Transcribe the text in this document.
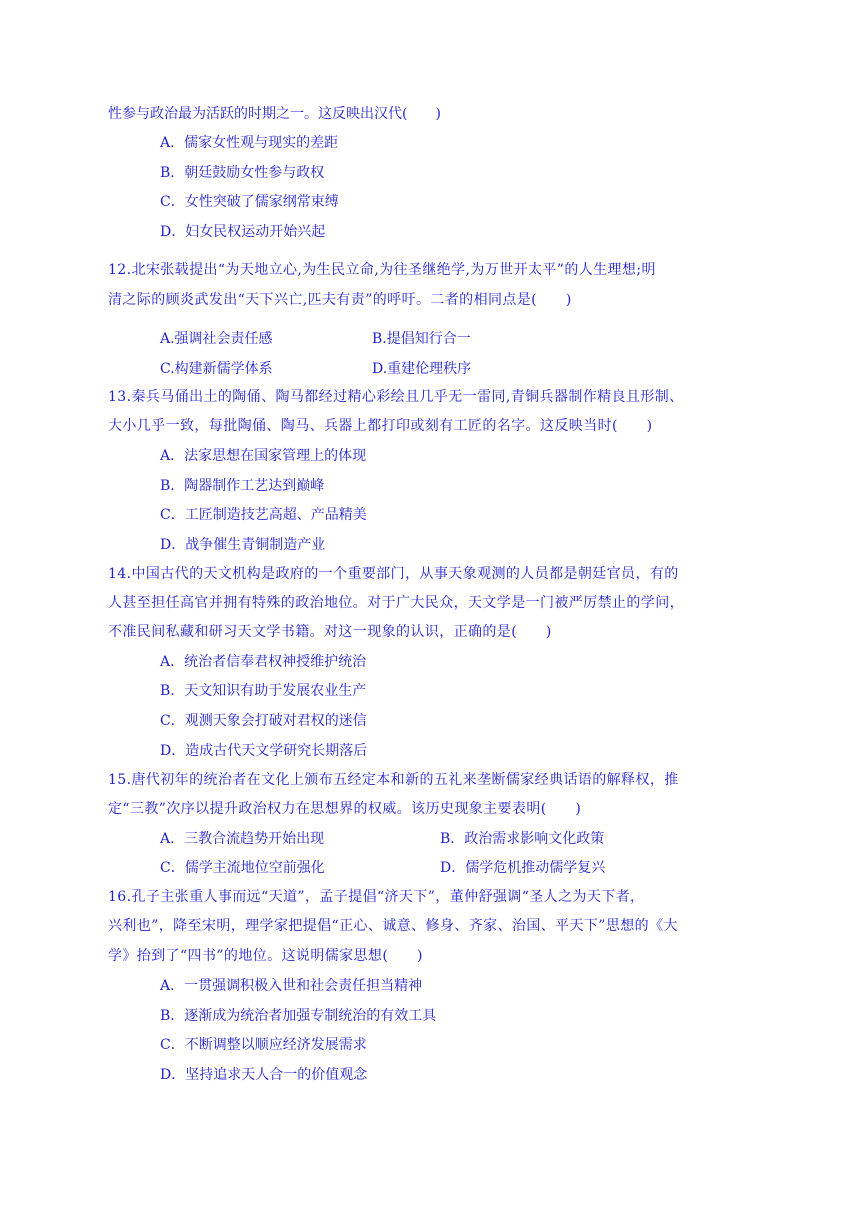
性参与政治最为活跃的时期之一。这反映出汉代(　　)
A．儒家女性观与现实的差距
B．朝廷鼓励女性参与政权
C．女性突破了儒家纲常束缚
D．妇女民权运动开始兴起
12.北宋张载提出“为天地立心,为生民立命,为往圣继绝学,为万世开太平”的人生理想;明
清之际的顾炎武发出“天下兴亡,匹夫有责”的呼吁。二者的相同点是(　　)
A.强调社会责任感	B.提倡知行合一
C.构建新儒学体系	D.重建伦理秩序
13.秦兵马俑出土的陶俑、陶马都经过精心彩绘且几乎无一雷同,青铜兵器制作精良且形制、
大小几乎一致，每批陶俑、陶马、兵器上都打印或刻有工匠的名字。这反映当时(　　)
A．法家思想在国家管理上的体现
B．陶器制作工艺达到巅峰
C．工匠制造技艺高超、产品精美
D．战争催生青铜制造产业
14.中国古代的天文机构是政府的一个重要部门，从事天象观测的人员都是朝廷官员，有的
人甚至担任高官并拥有特殊的政治地位。对于广大民众，天文学是一门被严厉禁止的学问，
不准民间私藏和研习天文学书籍。对这一现象的认识，正确的是(　　)
A．统治者信奉君权神授维护统治
B．天文知识有助于发展农业生产
C．观测天象会打破对君权的迷信
D．造成古代天文学研究长期落后
15.唐代初年的统治者在文化上颁布五经定本和新的五礼来垄断儒家经典话语的解释权，推
定“三教”次序以提升政治权力在思想界的权威。该历史现象主要表明(　　)
A．三教合流趋势开始出现	B．政治需求影响文化政策
C．儒学主流地位空前强化	D．儒学危机推动儒学复兴
16.孔子主张重人事而远“天道”，孟子提倡“济天下”，董仲舒强调“圣人之为天下者，
兴利也”，降至宋明，理学家把提倡“正心、诚意、修身、齐家、治国、平天下”思想的《大
学》抬到了“四书”的地位。这说明儒家思想(　　)
A．一贯强调积极入世和社会责任担当精神
B．逐渐成为统治者加强专制统治的有效工具
C．不断调整以顺应经济发展需求
D．坚持追求天人合一的价值观念
